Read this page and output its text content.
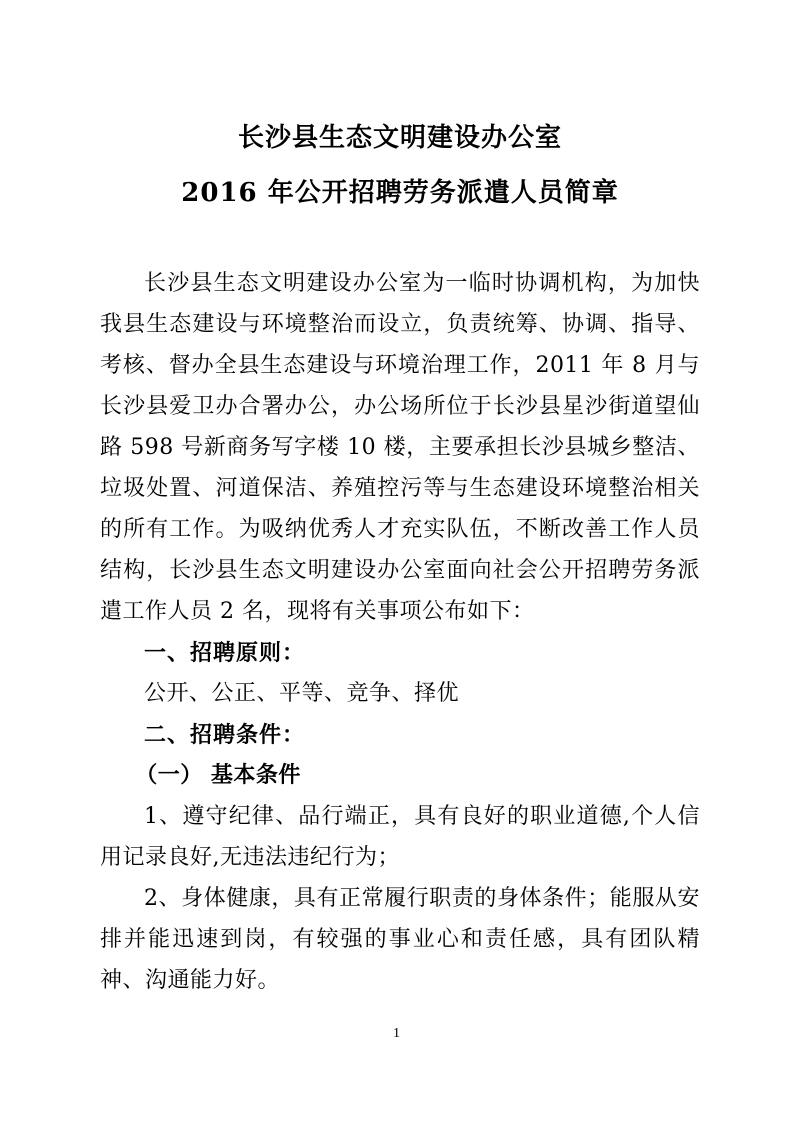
长沙县生态文明建设办公室
2016 年公开招聘劳务派遣人员简章

长沙县生态文明建设办公室为一临时协调机构，为加快我县生态建设与环境整治而设立，负责统筹、协调、指导、考核、督办全县生态建设与环境治理工作，2011 年 8 月与长沙县爱卫办合署办公，办公场所位于长沙县星沙街道望仙路 598 号新商务写字楼 10 楼，主要承担长沙县城乡整洁、垃圾处置、河道保洁、养殖控污等与生态建设环境整治相关的所有工作。为吸纳优秀人才充实队伍，不断改善工作人员结构，长沙县生态文明建设办公室面向社会公开招聘劳务派遣工作人员 2 名，现将有关事项公布如下：

一、招聘原则：

公开、公正、平等、竞争、择优

二、招聘条件：

（一） 基本条件

1、遵守纪律、品行端正，具有良好的职业道德,个人信用记录良好,无违法违纪行为；

2、身体健康，具有正常履行职责的身体条件；能服从安排并能迅速到岗，有较强的事业心和责任感，具有团队精神、沟通能力好。

1
